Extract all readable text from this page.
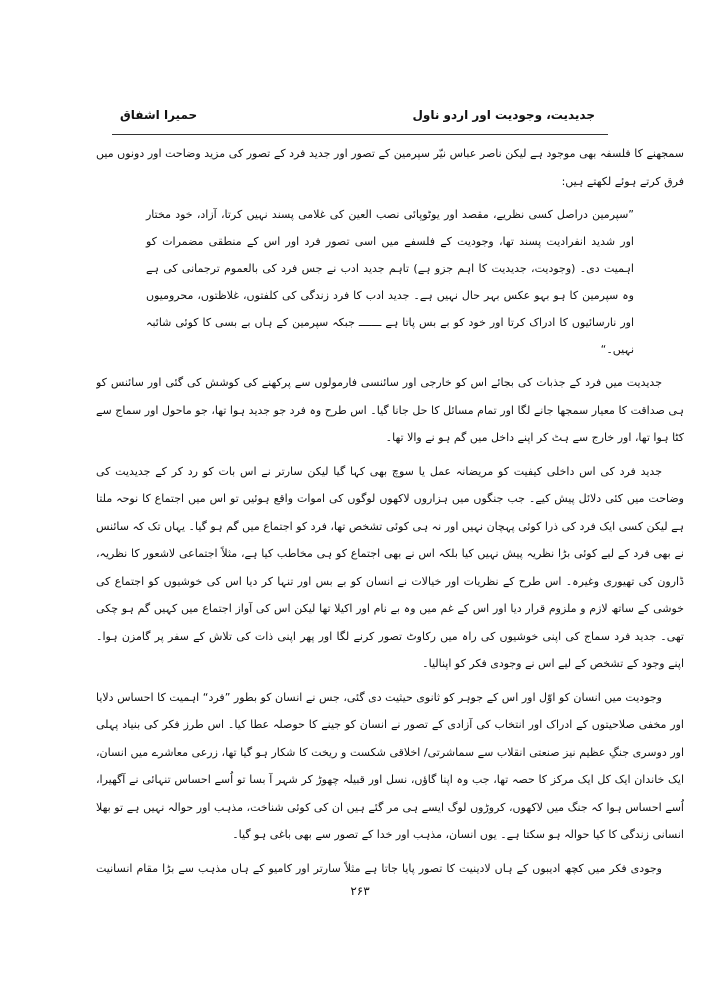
حمیرا اشفاق	جدیدیت، وجودیت اور اردو ناول

سمجھنے کا فلسفہ بھی موجود ہے لیکن ناصر عباس نیّر سپرمین کے تصور اور جدید فرد کے تصور کی مزید وضاحت اور دونوں میں فرق کرتے ہوئے لکھتے ہیں:

”سپرمین دراصل کسی نظریے، مقصد اور یوٹوپائی نصب العین کی غلامی پسند نہیں کرتا، آزاد، خود مختار اور شدید انفرادیت پسند تھا، وجودیت کے فلسفے میں اسی تصور فرد اور اس کے منطقی مضمرات کو اہمیت دی۔ (وجودیت، جدیدیت کا اہم جزو ہے) تاہم جدید ادب نے جس فرد کی بالعموم ترجمانی کی ہے وہ سپرمین کا ہو بہو عکس بہر حال نہیں ہے۔ جدید ادب کا فرد زندگی کی کلفتوں، غلاظتوں، محرومیوں اور نارسائیوں کا ادراک کرتا اور خود کو بے بس پاتا ہے ـــــــ جبکہ سپرمین کے ہاں بے بسی کا کوئی شائبہ نہیں۔“

جدیدیت میں فرد کے جذبات کی بجائے اس کو خارجی اور سائنسی فارمولوں سے پرکھنے کی کوشش کی گئی اور سائنس کو ہی صداقت کا معیار سمجھا جانے لگا اور تمام مسائل کا حل جانا گیا۔ اس طرح وہ فرد جو جدید ہوا تھا، جو ماحول اور سماج سے کٹا ہوا تھا، اور خارج سے ہٹ کر اپنے داخل میں گم ہو نے والا تھا۔

جدید فرد کی اس داخلی کیفیت کو مریضانہ عمل یا سوچ بھی کہا گیا لیکن سارتر نے اس بات کو رد کر کے جدیدیت کی وضاحت میں کئی دلائل پیش کیے۔ جب جنگوں میں ہزاروں لاکھوں لوگوں کی اموات واقع ہوئیں تو اس میں اجتماع کا نوحہ ملتا ہے لیکن کسی ایک فرد کی ذرا کوئی پہچان نہیں اور نہ ہی کوئی تشخص تھا، فرد کو اجتماع میں گم ہو گیا۔ یہاں تک کہ سائنس نے بھی فرد کے لیے کوئی بڑا نظریہ پیش نہیں کیا بلکہ اس نے بھی اجتماع کو ہی مخاطب کیا ہے، مثلاً اجتماعی لاشعور کا نظریہ، ڈارون کی تھیوری وغیرہ۔ اس طرح کے نظریات اور خیالات نے انسان کو بے بس اور تنہا کر دیا اس کی خوشیوں کو اجتماع کی خوشی کے ساتھ لازم و ملزوم قرار دیا اور اس کے غم میں وہ بے نام اور اکیلا تھا لیکن اس کی آواز اجتماع میں کہیں گم ہو چکی تھی۔ جدید فرد سماج کی اپنی خوشیوں کی راہ میں رکاوٹ تصور کرنے لگا اور پھر اپنی ذات کی تلاش کے سفر پر گامزن ہوا۔ اپنے وجود کے تشخص کے لیے اس نے وجودی فکر کو اپنالیا۔

وجودیت میں انسان کو اوّل اور اس کے جوہر کو ثانوی حیثیت دی گئی، جس نے انسان کو بطور ”فرد“ اہمیت کا احساس دلایا اور مخفی صلاحیتوں کے ادراک اور انتخاب کی آزادی کے تصور نے انسان کو جینے کا حوصلہ عطا کیا۔ اس طرز فکر کی بنیاد پہلی اور دوسری جنگِ عظیم نیز صنعتی انقلاب سے سماشرتی/ اخلاقی شکست و ریخت کا شکار ہو گیا تھا، زرعی معاشرے میں انسان، ایک خاندان ایک کل ایک مرکز کا حصہ تھا، جب وہ اپنا گاؤں، نسل اور قبیلہ چھوڑ کر شہر آ بسا تو اُسے احساس تنہائی نے آگھیرا، اُسے احساس ہوا کہ جنگ میں لاکھوں، کروڑوں لوگ ایسے ہی مر گئے ہیں ان کی کوئی شناخت، مذہب اور حوالہ نہیں ہے تو بھلا انسانی زندگی کا کیا حوالہ ہو سکتا ہے۔ یوں انسان، مذہب اور خدا کے تصور سے بھی باغی ہو گیا۔

وجودی فکر میں کچھ ادیبوں کے ہاں لادینیت کا تصور پایا جاتا ہے مثلاً سارتر اور کامیو کے ہاں مذہب سے بڑا مقام انسانیت

۲۶۳
